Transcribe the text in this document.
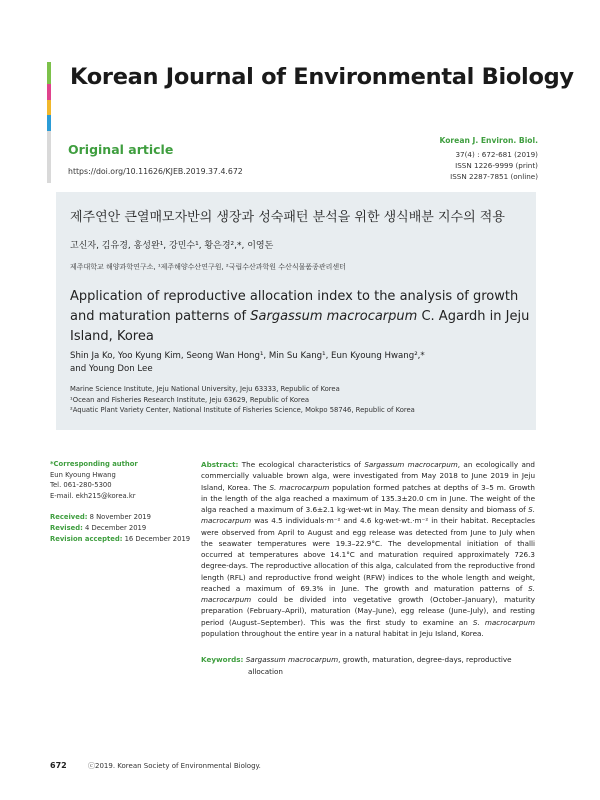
Korean Journal of Environmental Biology
Original article
https://doi.org/10.11626/KJEB.2019.37.4.672
Korean J. Environ. Biol.
37(4) : 672-681 (2019)
ISSN 1226-9999 (print)
ISSN 2287-7851 (online)
제주연안 큰열매모자반의 생장과 성숙패턴 분석을 위한 생식배분 지수의 적용
고신자, 김유경, 홍성완¹, 강민수¹, 황은경²,*, 이영돈
제주대학교 해양과학연구소, ¹제주해양수산연구원, ²국립수산과학원 수산식물품종관리센터
Application of reproductive allocation index to the analysis of growth and maturation patterns of Sargassum macrocarpum C. Agardh in Jeju Island, Korea
Shin Ja Ko, Yoo Kyung Kim, Seong Wan Hong¹, Min Su Kang¹, Eun Kyoung Hwang²,*
and Young Don Lee
Marine Science Institute, Jeju National University, Jeju 63333, Republic of Korea
¹Ocean and Fisheries Research Institute, Jeju 63629, Republic of Korea
²Aquatic Plant Variety Center, National Institute of Fisheries Science, Mokpo 58746, Republic of Korea
*Corresponding author
Eun Kyoung Hwang
Tel. 061-280-5300
E-mail. ekh215@korea.kr
Received: 8 November 2019
Revised: 4 December 2019
Revision accepted: 16 December 2019
Abstract: The ecological characteristics of Sargassum macrocarpum, an ecologically and commercially valuable brown alga, were investigated from May 2018 to June 2019 in Jeju Island, Korea. The S. macrocarpum population formed patches at depths of 3–5 m. Growth in the length of the alga reached a maximum of 135.3±20.0 cm in June. The weight of the alga reached a maximum of 3.6±2.1 kg·wet-wt in May. The mean density and biomass of S. macrocarpum was 4.5 individuals·m⁻² and 4.6 kg·wet-wt.·m⁻² in their habitat. Receptacles were observed from April to August and egg release was detected from June to July when the seawater temperatures were 19.3–22.9°C. The developmental initiation of thalli occurred at temperatures above 14.1°C and maturation required approximately 726.3 degree-days. The reproductive allocation of this alga, calculated from the reproductive frond length (RFL) and reproductive frond weight (RFW) indices to the whole length and weight, reached a maximum of 69.3% in June. The growth and maturation patterns of S. macrocarpum could be divided into vegetative growth (October–January), maturity preparation (February–April), maturation (May–June), egg release (June–July), and resting period (August–September). This was the first study to examine an S. macrocarpum population throughout the entire year in a natural habitat in Jeju Island, Korea.
Keywords: Sargassum macrocarpum, growth, maturation, degree-days, reproductive
allocation
672	ⓒ2019. Korean Society of Environmental Biology.
